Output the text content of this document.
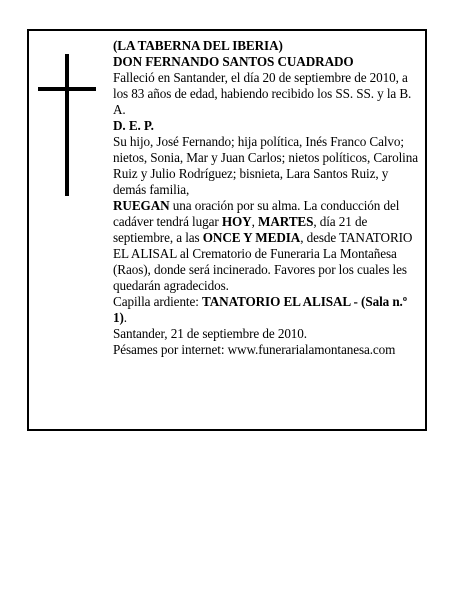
(LA TABERNA DEL IBERIA)

DON FERNANDO SANTOS CUADRADO

Falleció en Santander, el día 20 de septiembre de 2010, a los 83 años de edad, habiendo recibido los SS. SS. y la B. A.

D. E. P.

Su hijo, José Fernando; hija política, Inés Franco Calvo; nietos, Sonia, Mar y Juan Carlos; nietos políticos, Carolina Ruiz y Julio Rodríguez; bisnieta, Lara Santos Ruiz, y demás familia,

RUEGAN una oración por su alma. La conducción del cadáver tendrá lugar HOY, MARTES, día 21 de septiembre, a las ONCE Y MEDIA, desde TANATORIO EL ALISAL al Crematorio de Funeraria La Montañesa (Raos), donde será incinerado. Favores por los cuales les quedarán agradecidos.

Capilla ardiente: TANATORIO EL ALISAL - (Sala n.º 1).

Santander, 21 de septiembre de 2010.

Pésames por internet: www.funerarialamontanesa.com
